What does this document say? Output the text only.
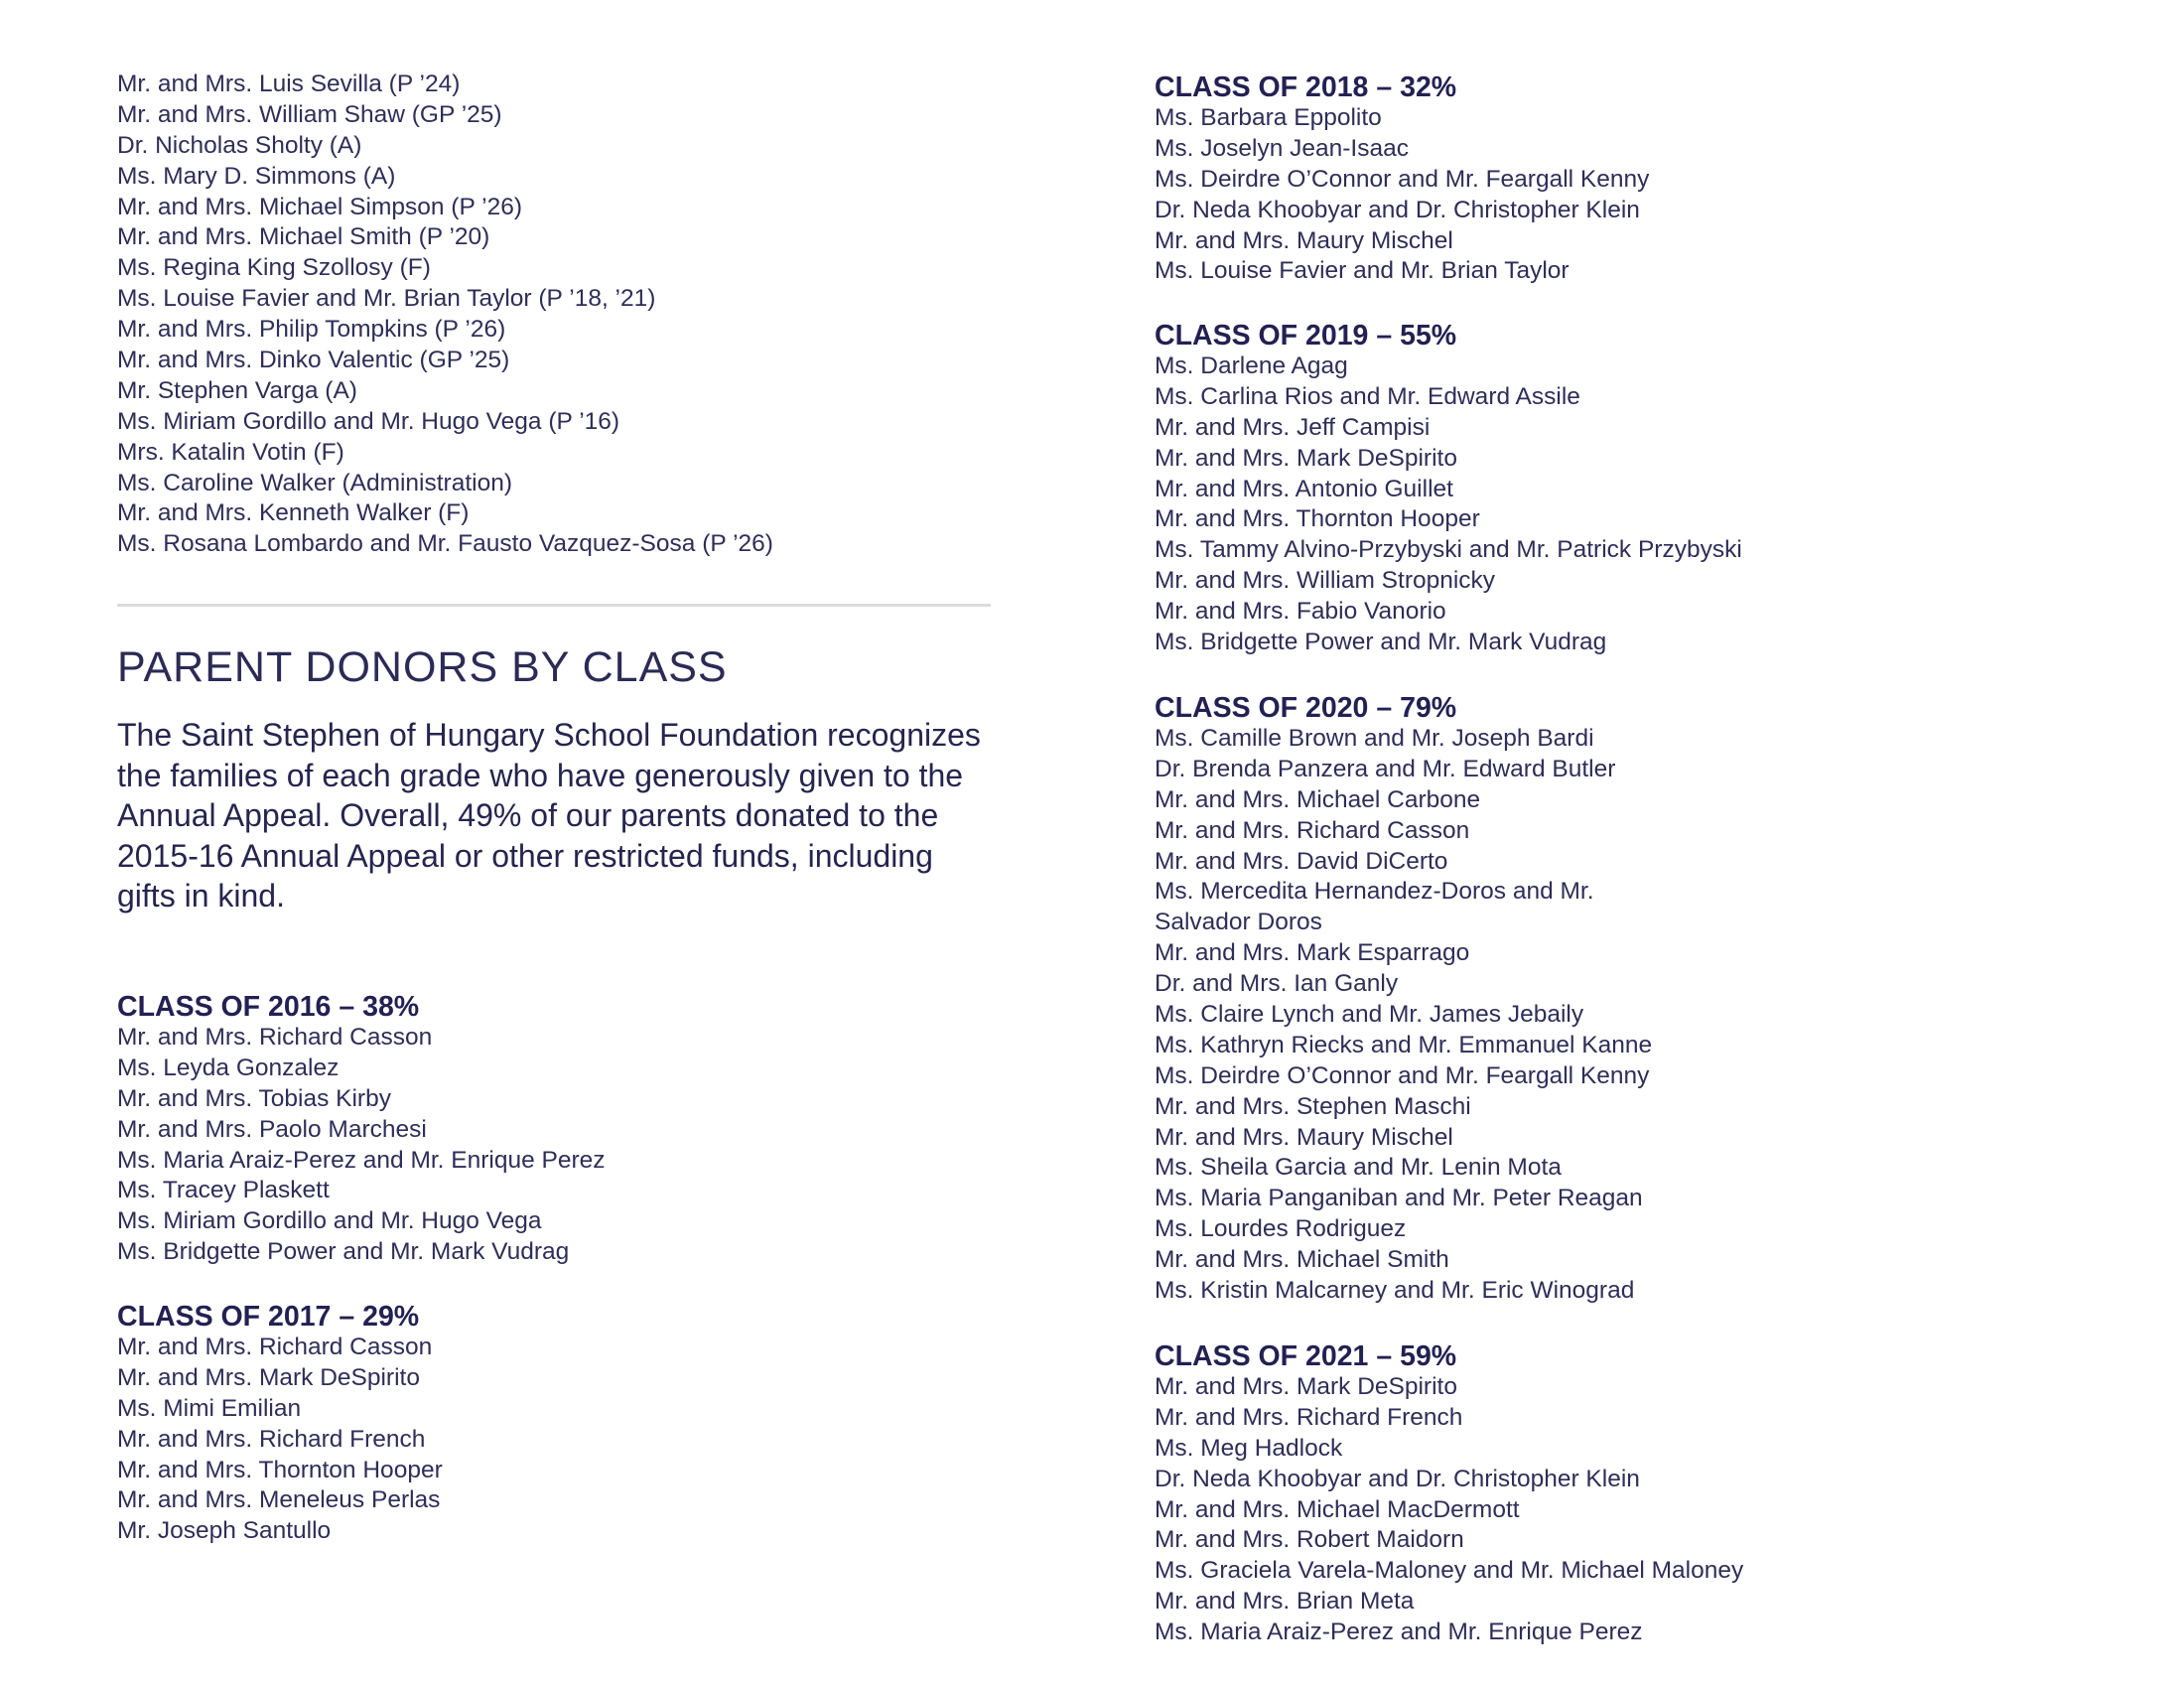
Mr. and Mrs. Luis Sevilla (P ’24)
Mr. and Mrs. William Shaw (GP ’25)
Dr. Nicholas Sholty (A)
Ms. Mary D. Simmons (A)
Mr. and Mrs. Michael Simpson (P ’26)
Mr. and Mrs. Michael Smith (P ’20)
Ms. Regina King Szollosy (F)
Ms. Louise Favier and Mr. Brian Taylor (P ’18, ’21)
Mr. and Mrs. Philip Tompkins (P ’26)
Mr. and Mrs. Dinko Valentic (GP ’25)
Mr. Stephen Varga (A)
Ms. Miriam Gordillo and Mr. Hugo Vega (P ’16)
Mrs. Katalin Votin (F)
Ms. Caroline Walker (Administration)
Mr. and Mrs. Kenneth Walker (F)
Ms. Rosana Lombardo and Mr. Fausto Vazquez-Sosa (P ’26)
PARENT DONORS BY CLASS

The Saint Stephen of Hungary School Foundation recognizes the families of each grade who have generously given to the Annual Appeal. Overall, 49% of our parents donated to the 2015-16 Annual Appeal or other restricted funds, including gifts in kind.

CLASS OF 2016 – 38%
Mr. and Mrs. Richard Casson
Ms. Leyda Gonzalez
Mr. and Mrs. Tobias Kirby
Mr. and Mrs. Paolo Marchesi
Ms. Maria Araiz-Perez and Mr. Enrique Perez
Ms. Tracey Plaskett
Ms. Miriam Gordillo and Mr. Hugo Vega
Ms. Bridgette Power and Mr. Mark Vudrag
CLASS OF 2017 – 29%
Mr. and Mrs. Richard Casson
Mr. and Mrs. Mark DeSpirito
Ms. Mimi Emilian
Mr. and Mrs. Richard French
Mr. and Mrs. Thornton Hooper
Mr. and Mrs. Meneleus Perlas
Mr. Joseph Santullo
CLASS OF 2018 – 32%
Ms. Barbara Eppolito
Ms. Joselyn Jean-Isaac
Ms. Deirdre O’Connor and Mr. Feargall Kenny
Dr. Neda Khoobyar and Dr. Christopher Klein
Mr. and Mrs. Maury Mischel
Ms. Louise Favier and Mr. Brian Taylor
CLASS OF 2019 – 55%
Ms. Darlene Agag
Ms. Carlina Rios and Mr. Edward Assile
Mr. and Mrs. Jeff Campisi
Mr. and Mrs. Mark DeSpirito
Mr. and Mrs. Antonio Guillet
Mr. and Mrs. Thornton Hooper
Ms. Tammy Alvino-Przybyski and Mr. Patrick Przybyski
Mr. and Mrs. William Stropnicky
Mr. and Mrs. Fabio Vanorio
Ms. Bridgette Power and Mr. Mark Vudrag
CLASS OF 2020 – 79%
Ms. Camille Brown and Mr. Joseph Bardi
Dr. Brenda Panzera and Mr. Edward Butler
Mr. and Mrs. Michael Carbone
Mr. and Mrs. Richard Casson
Mr. and Mrs. David DiCerto
Ms. Mercedita Hernandez-Doros and Mr.
Salvador Doros
Mr. and Mrs. Mark Esparrago
Dr. and Mrs. Ian Ganly
Ms. Claire Lynch and Mr. James Jebaily
Ms. Kathryn Riecks and Mr. Emmanuel Kanne
Ms. Deirdre O’Connor and Mr. Feargall Kenny
Mr. and Mrs. Stephen Maschi
Mr. and Mrs. Maury Mischel
Ms. Sheila Garcia and Mr. Lenin Mota
Ms. Maria Panganiban and Mr. Peter Reagan
Ms. Lourdes Rodriguez
Mr. and Mrs. Michael Smith
Ms. Kristin Malcarney and Mr. Eric Winograd
CLASS OF 2021 – 59%
Mr. and Mrs. Mark DeSpirito
Mr. and Mrs. Richard French
Ms. Meg Hadlock
Dr. Neda Khoobyar and Dr. Christopher Klein
Mr. and Mrs. Michael MacDermott
Mr. and Mrs. Robert Maidorn
Ms. Graciela Varela-Maloney and Mr. Michael Maloney
Mr. and Mrs. Brian Meta
Ms. Maria Araiz-Perez and Mr. Enrique Perez
